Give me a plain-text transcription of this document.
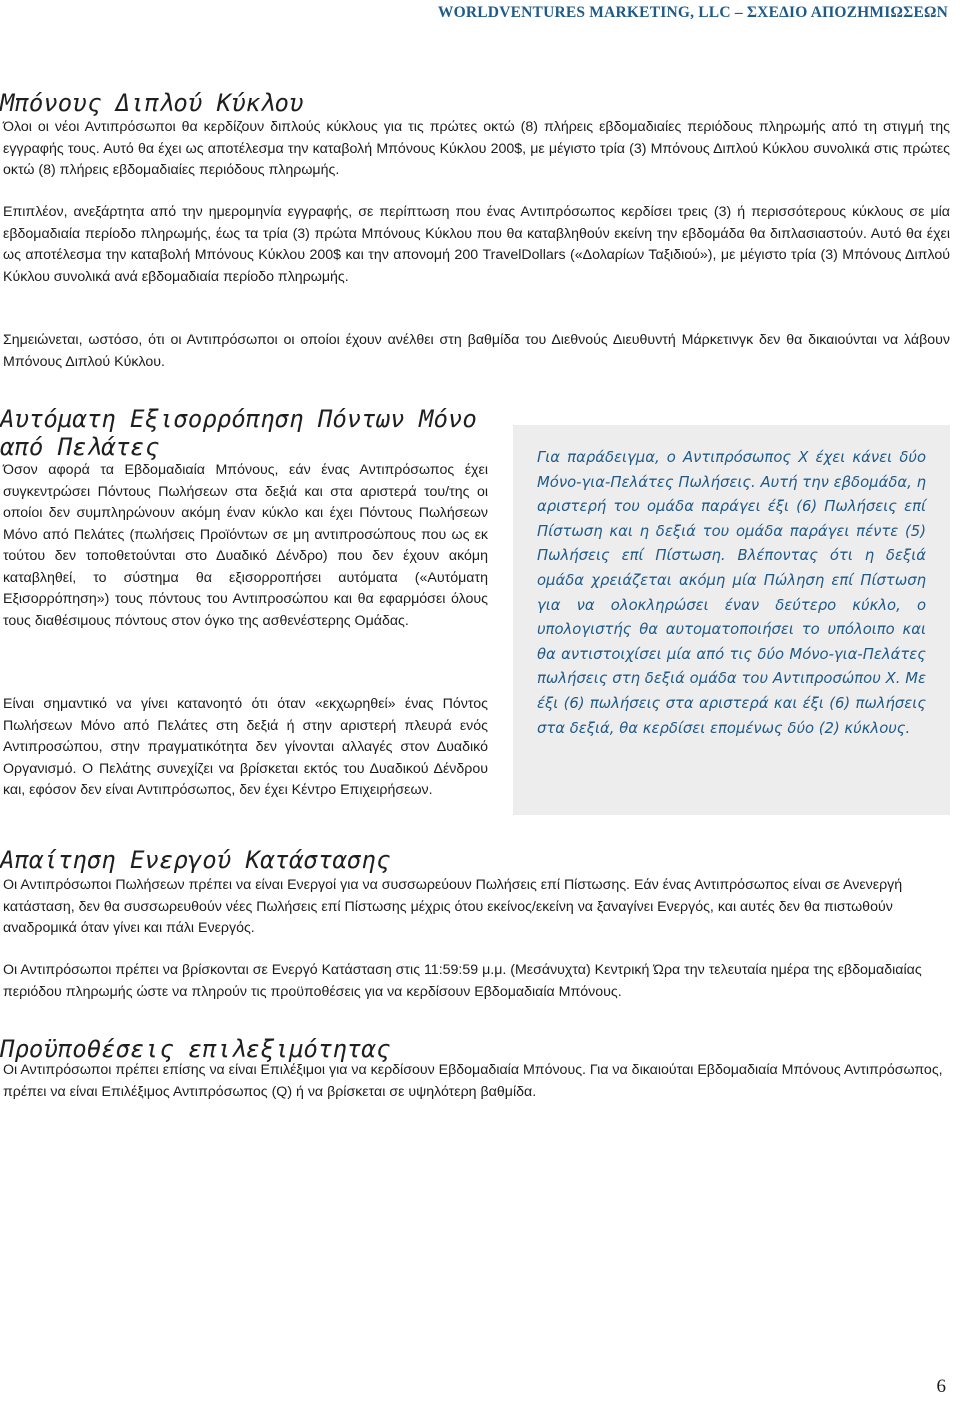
WORLDVENTURES MARKETING, LLC – ΣΧΕΔΙΟ ΑΠΟΖΗΜΙΩΣΕΩΝ
Μπόνους Διπλού Κύκλου

Όλοι οι νέοι Αντιπρόσωποι θα κερδίζουν διπλούς κύκλους για τις πρώτες οκτώ (8) πλήρεις εβδομαδιαίες περιόδους πληρωμής από τη στιγμή της εγγραφής τους. Αυτό θα έχει ως αποτέλεσμα την καταβολή Μπόνους Κύκλου 200$, με μέγιστο τρία (3) Μπόνους Διπλού Κύκλου συνολικά στις πρώτες οκτώ (8) πλήρεις εβδομαδιαίες περιόδους πληρωμής.

Επιπλέον, ανεξάρτητα από την ημερομηνία εγγραφής, σε περίπτωση που ένας Αντιπρόσωπος κερδίσει τρεις (3) ή περισσότερους κύκλους σε μία εβδομαδιαία περίοδο πληρωμής, έως τα τρία (3) πρώτα Μπόνους Κύκλου που θα καταβληθούν εκείνη την εβδομάδα θα διπλασιαστούν. Αυτό θα έχει ως αποτέλεσμα την καταβολή Μπόνους Κύκλου 200$ και την απονομή 200 TravelDollars («Δολαρίων Ταξιδιού»), με μέγιστο τρία (3) Μπόνους Διπλού Κύκλου συνολικά ανά εβδομαδιαία περίοδο πληρωμής.

Σημειώνεται, ωστόσο, ότι οι Αντιπρόσωποι οι οποίοι έχουν ανέλθει στη βαθμίδα του Διεθνούς Διευθυντή Μάρκετινγκ δεν θα δικαιούνται να λάβουν Μπόνους Διπλού Κύκλου.

Αυτόματη Εξισορρόπηση Πόντων Μόνο
από Πελάτες

Όσον αφορά τα Εβδομαδιαία Μπόνους, εάν ένας Αντιπρόσωπος έχει συγκεντρώσει Πόντους Πωλήσεων στα δεξιά και στα αριστερά του/της οι οποίοι δεν συμπληρώνουν ακόμη έναν κύκλο και έχει Πόντους Πωλήσεων Μόνο από Πελάτες (πωλήσεις Προϊόντων σε μη αντιπροσώπους που ως εκ τούτου δεν τοποθετούνται στο Δυαδικό Δένδρο) που δεν έχουν ακόμη καταβληθεί, το σύστημα θα εξισορροπήσει αυτόματα («Αυτόματη Εξισορρόπηση») τους πόντους του Αντιπροσώπου και θα εφαρμόσει όλους τους διαθέσιμους πόντους στον όγκο της ασθενέστερης Ομάδας.

Είναι σημαντικό να γίνει κατανοητό ότι όταν «εκχωρηθεί» ένας Πόντος Πωλήσεων Μόνο από Πελάτες στη δεξιά ή στην αριστερή πλευρά ενός Αντιπροσώπου, στην πραγματικότητα δεν γίνονται αλλαγές στον Δυαδικό Οργανισμό. Ο Πελάτης συνεχίζει να βρίσκεται εκτός του Δυαδικού Δένδρου και, εφόσον δεν είναι Αντιπρόσωπος, δεν έχει Κέντρο Επιχειρήσεων.

Για παράδειγμα, ο Αντιπρόσωπος Χ έχει κάνει δύο Μόνο-για-Πελάτες Πωλήσεις. Αυτή την εβδομάδα, η αριστερή του ομάδα παράγει έξι (6) Πωλήσεις επί Πίστωση και η δεξιά του ομάδα παράγει πέντε (5) Πωλήσεις επί Πίστωση. Βλέποντας ότι η δεξιά ομάδα χρειάζεται ακόμη μία Πώληση επί Πίστωση για να ολοκληρώσει έναν δεύτερο κύκλο, ο υπολογιστής θα αυτοματοποιήσει το υπόλοιπο και θα αντιστοιχίσει μία από τις δύο Μόνο-για-Πελάτες πωλήσεις στη δεξιά ομάδα του Αντιπροσώπου Χ. Με έξι (6) πωλήσεις στα αριστερά και έξι (6) πωλήσεις στα δεξιά, θα κερδίσει επομένως δύο (2) κύκλους.

Απαίτηση Ενεργού Κατάστασης

Οι Αντιπρόσωποι Πωλήσεων πρέπει να είναι Ενεργοί για να συσσωρεύουν Πωλήσεις επί Πίστωσης. Εάν ένας Αντιπρόσωπος είναι σε Ανενεργή κατάσταση, δεν θα συσσωρευθούν νέες Πωλήσεις επί Πίστωσης μέχρις ότου εκείνος/εκείνη να ξαναγίνει Ενεργός, και αυτές δεν θα πιστωθούν αναδρομικά όταν γίνει και πάλι Ενεργός.

Οι Αντιπρόσωποι πρέπει να βρίσκονται σε Ενεργό Κατάσταση στις 11:59:59 μ.μ. (Μεσάνυχτα) Κεντρική Ώρα την τελευταία ημέρα της εβδομαδιαίας περιόδου πληρωμής ώστε να πληρούν τις προϋποθέσεις για να κερδίσουν Εβδομαδιαία Μπόνους.

Προϋποθέσεις επιλεξιμότητας

Οι Αντιπρόσωποι πρέπει επίσης να είναι Επιλέξιμοι για να κερδίσουν Εβδομαδιαία Μπόνους. Για να δικαιούται Εβδομαδιαία Μπόνους Αντιπρόσωπος, πρέπει να είναι Επιλέξιμος Αντιπρόσωπος (Q) ή να βρίσκεται σε υψηλότερη βαθμίδα.

6
